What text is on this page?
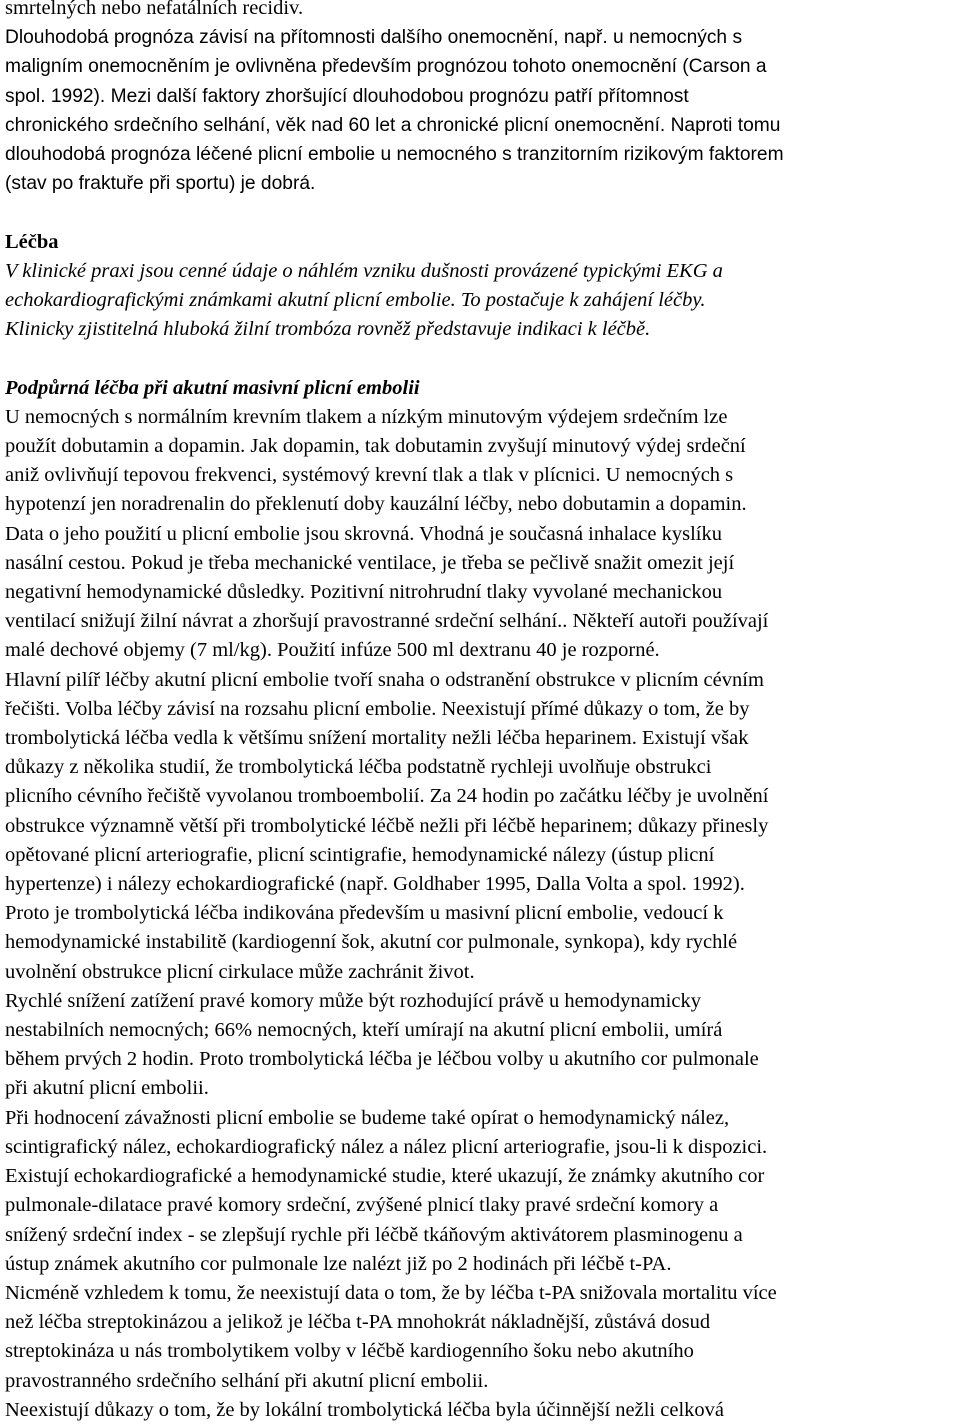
smrtelných nebo nefatálních recidiv.
Dlouhodobá prognóza závisí na přítomnosti dalšího onemocnění, např. u nemocných s
maligním onemocněním je ovlivněna především prognózou tohoto onemocnění (Carson a
spol. 1992). Mezi další faktory zhoršující dlouhodobou prognózu patří přítomnost
chronického srdečního selhání, věk nad 60 let a chronické plicní onemocnění. Naproti tomu
dlouhodobá prognóza léčené plicní embolie u nemocného s tranzitorním rizikovým faktorem
(stav po fraktuře při sportu) je dobrá.
Léčba
V klinické praxi jsou cenné údaje o náhlém vzniku dušnosti provázené typickými EKG a
echokardiografickými známkami akutní plicní embolie. To postačuje k zahájení léčby.
Klinicky zjistitelná hluboká žilní trombóza rovněž představuje indikaci k léčbě.
Podpůrná léčba při akutní masivní plicní embolii
U nemocných s normálním krevním tlakem a nízkým minutovým výdejem srdečním lze
použít dobutamin a dopamin. Jak dopamin, tak dobutamin zvyšují minutový výdej srdeční
aniž ovlivňují tepovou frekvenci, systémový krevní tlak a tlak v plícnici. U nemocných s
hypotenzí jen noradrenalin do překlenutí doby kauzální léčby, nebo dobutamin a dopamin.
Data o jeho použití u plicní embolie jsou skrovná. Vhodná je současná inhalace kyslíku
nasální cestou. Pokud je třeba mechanické ventilace, je třeba se pečlivě snažit omezit její
negativní hemodynamické důsledky. Pozitivní nitrohrudní tlaky vyvolané mechanickou
ventilací snižují žilní návrat a zhoršují pravostranné srdeční selhání.. Někteří autoři používají
malé dechové objemy (7 ml/kg). Použití infúze 500 ml dextranu 40 je rozporné.
Hlavní pilíř léčby akutní plicní embolie tvoří snaha o odstranění obstrukce v plicním cévním
řečišti. Volba léčby závisí na rozsahu plicní embolie. Neexistují přímé důkazy o tom, že by
trombolytická léčba vedla k většímu snížení mortality nežli léčba heparinem. Existují však
důkazy z několika studií, že trombolytická léčba podstatně rychleji uvolňuje obstrukci
plicního cévního řečiště vyvolanou tromboembolií. Za 24 hodin po začátku léčby je uvolnění
obstrukce významně větší při trombolytické léčbě nežli při léčbě heparinem; důkazy přinesly
opětované plicní arteriografie, plicní scintigrafie, hemodynamické nálezy (ústup plicní
hypertenze) i nálezy echokardiografické (např. Goldhaber 1995, Dalla Volta a spol. 1992).
Proto je trombolytická léčba indikována především u masivní plicní embolie, vedoucí k
hemodynamické instabilitě (kardiogenní šok, akutní cor pulmonale, synkopa), kdy rychlé
uvolnění obstrukce plicní cirkulace může zachránit život.
Rychlé snížení zatížení pravé komory může být rozhodující právě u hemodynamicky
nestabilních nemocných; 66% nemocných, kteří umírají na akutní plicní embolii, umírá
během prvých 2 hodin. Proto trombolytická léčba je léčbou volby u akutního cor pulmonale
při akutní plicní embolii.
Při hodnocení závažnosti plicní embolie se budeme také opírat o hemodynamický nález,
scintigrafický nález, echokardiografický nález a nález plicní arteriografie, jsou-li k dispozici.
Existují echokardiografické a hemodynamické studie, které ukazují, že známky akutního cor
pulmonale-dilatace pravé komory srdeční, zvýšené plnicí tlaky pravé srdeční komory a
snížený srdeční index - se zlepšují rychle při léčbě tkáňovým aktivátorem plasminogenu a
ústup známek akutního cor pulmonale lze nalézt již po 2 hodinách při léčbě t-PA.
Nicméně vzhledem k tomu, že neexistují data o tom, že by léčba t-PA snižovala mortalitu více
než léčba streptokinázou a jelikož je léčba t-PA mnohokrát nákladnější, zůstává dosud
streptokináza u nás trombolytikem volby v léčbě kardiogenního šoku nebo akutního
pravostranného srdečního selhání při akutní plicní embolii.
Neexistují důkazy o tom, že by lokální trombolytická léčba byla účinnější nežli celková
